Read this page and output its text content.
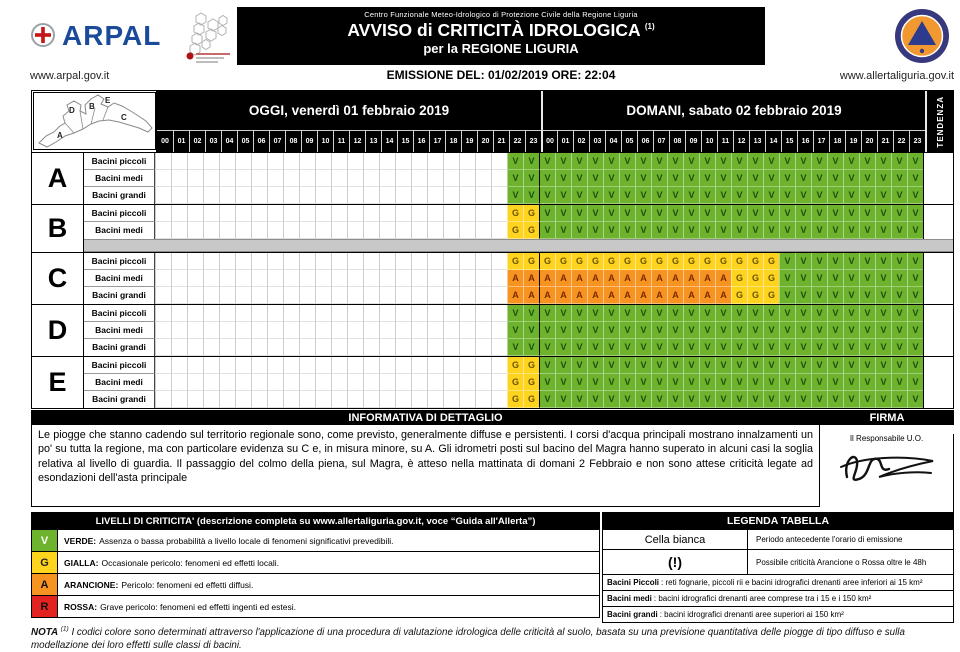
ARPAL
www.arpal.gov.it
Centro Funzionale Meteo-Idrologico di Protezione Civile della Regione Liguria
AVVISO di CRITICITÀ IDROLOGICA $^{(1)}$
per la REGIONE LIGURIA
EMISSIONE DEL: 01/02/2019 ORE: 22:04	www.allertaliguria.gov.it
A
B
C
D
E
OGGI, venerdì 01 febbraio 2019	DOMANI, sabato 02 febbraio 2019
00	01	02	03	04	05	06	07	08	09	10	11	12	13	14	15	16	17	18	19	20	21	22	23	00	01	02	03	04	05	06	07	08	09	10	11	12	13	14	15	16	17	18	19	20	21	22	23	TENDENZA
A
Bacini piccoli	V	V	V	V	V	V	V	V	V	V	V	V	V	V	V	V	V	V	V	V	V	V	V	V	V	V
Bacini medi	V	V	V	V	V	V	V	V	V	V	V	V	V	V	V	V	V	V	V	V	V	V	V	V	V	V
Bacini grandi	V	V	V	V	V	V	V	V	V	V	V	V	V	V	V	V	V	V	V	V	V	V	V	V	V	V
B	Bacini piccoli	G G	V	V	V	V	V	V	V	V	V	V	V	V	V	V	V	V	V	V	V	V	V	V	V	V
Bacini medi	G G	V	V	V	V	V	V	V	V	V	V	V	V	V	V	V	V	V	V	V	V	V	V	V	V
C
Bacini piccoli	G G G G G G G G G G G G G G G G G	V	V	V	V	V	V	V	V	V
Bacini medi	A	A	A	A	A	A	A	A	A	A	A	A	A	A	G G G	V	V	V	V	V	V	V	V	V
Bacini grandi	A	A	A	A	A	A	A	A	A	A	A	A	A	A	G G G	V	V	V	V	V	V	V	V	V
D
Bacini piccoli	V	V	V	V	V	V	V	V	V	V	V	V	V	V	V	V	V	V	V	V	V	V	V	V	V	V
Bacini medi	V	V	V	V	V	V	V	V	V	V	V	V	V	V	V	V	V	V	V	V	V	V	V	V	V	V
Bacini grandi	V	V	V	V	V	V	V	V	V	V	V	V	V	V	V	V	V	V	V	V	V	V	V	V	V	V
E
Bacini piccoli	G G	V	V	V	V	V	V	V	V	V	V	V	V	V	V	V	V	V	V	V	V	V	V	V	V
Bacini medi	G G	V	V	V	V	V	V	V	V	V	V	V	V	V	V	V	V	V	V	V	V	V	V	V	V
Bacini grandi	G G	V	V	V	V	V	V	V	V	V	V	V	V	V	V	V	V	V	V	V	V	V	V	V	V
INFORMATIVA DI DETTAGLIO
Le piogge che stanno cadendo sul territorio regionale sono, come previsto, generalmente diffuse e persistenti. I corsi d'acqua principali mostrano innalzamenti un po' su tutta la regione, ma con particolare evidenza su C e, in misura minore, su A. Gli idrometri posti sul bacino del Magra hanno superato in alcuni casi la soglia relativa al livello di guardia. Il passaggio del colmo della piena, sul Magra, è atteso nella mattinata di domani 2 Febbraio e non sono attese criticità legate ad esondazioni dell'asta principale
FIRMA
Il Responsabile U.O.
LIVELLI DI CRITICITA' (descrizione completa su www.allertaliguria.gov.it, voce “Guida all'Allerta”)
V	VERDE: Assenza o bassa probabilità a livello locale di fenomeni significativi prevedibili.
G	GIALLA: Occasionale pericolo: fenomeni ed effetti locali.
A	ARANCIONE: Pericolo: fenomeni ed effetti diffusi.
R	ROSSA: Grave pericolo: fenomeni ed effetti ingenti ed estesi.
LEGENDA TABELLA
Cella bianca	Periodo antecedente l'orario di emissione
(!)	Possibile criticità Arancione o Rossa oltre le 48h
Bacini Piccoli : reti fognarie, piccoli rii e bacini idrografici drenanti aree inferiori ai 15 km²
Bacini medi : bacini idrografici drenanti aree comprese tra i 15 e i 150 km²
Bacini grandi : bacini idrografici drenanti aree superiori ai 150 km²
NOTA $^{(1)}$ I codici colore sono determinati attraverso l'applicazione di una procedura di valutazione idrologica delle criticità al suolo, basata su una previsione quantitativa delle piogge di tipo diffuso e sulla modellazione dei loro effetti sulle classi di bacini.
